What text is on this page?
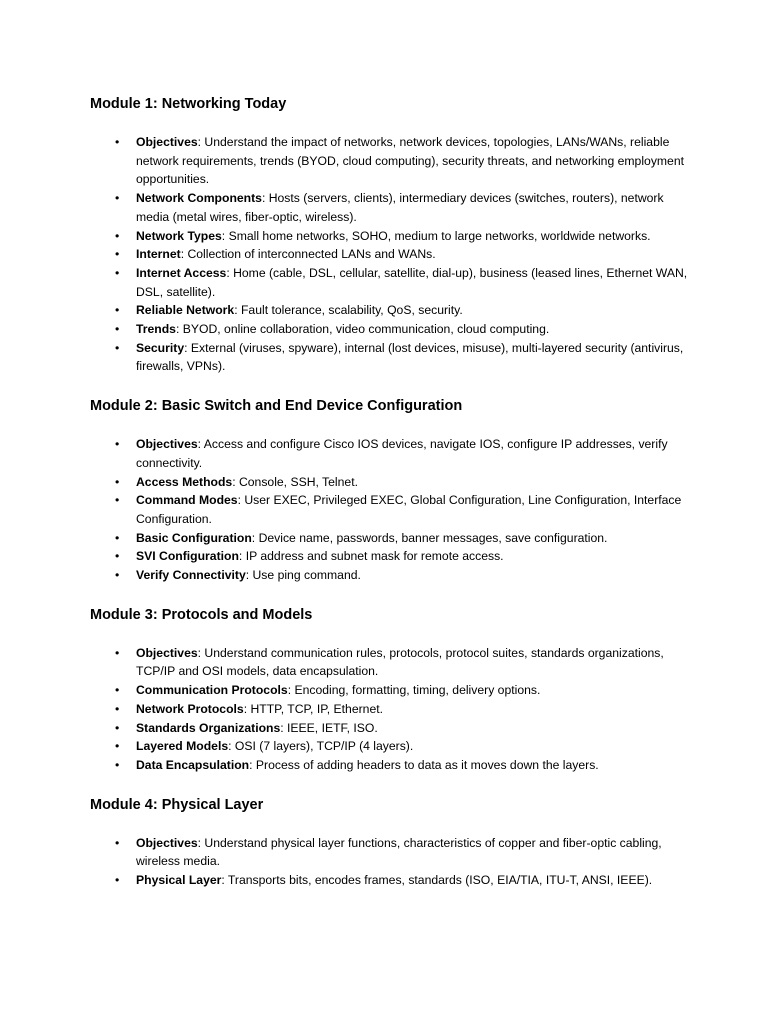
Module 1: Networking Today
• Objectives: Understand the impact of networks, network devices, topologies, LANs/WANs, reliable network requirements, trends (BYOD, cloud computing), security threats, and networking employment opportunities.
• Network Components: Hosts (servers, clients), intermediary devices (switches, routers), network media (metal wires, fiber-optic, wireless).
• Network Types: Small home networks, SOHO, medium to large networks, worldwide networks.
• Internet: Collection of interconnected LANs and WANs.
• Internet Access: Home (cable, DSL, cellular, satellite, dial-up), business (leased lines, Ethernet WAN, DSL, satellite).
• Reliable Network: Fault tolerance, scalability, QoS, security.
• Trends: BYOD, online collaboration, video communication, cloud computing.
• Security: External (viruses, spyware), internal (lost devices, misuse), multi-layered security (antivirus, firewalls, VPNs).
Module 2: Basic Switch and End Device Configuration
• Objectives: Access and configure Cisco IOS devices, navigate IOS, configure IP addresses, verify connectivity.
• Access Methods: Console, SSH, Telnet.
• Command Modes: User EXEC, Privileged EXEC, Global Configuration, Line Configuration, Interface Configuration.
• Basic Configuration: Device name, passwords, banner messages, save configuration.
• SVI Configuration: IP address and subnet mask for remote access.
• Verify Connectivity: Use ping command.
Module 3: Protocols and Models
• Objectives: Understand communication rules, protocols, protocol suites, standards organizations, TCP/IP and OSI models, data encapsulation.
• Communication Protocols: Encoding, formatting, timing, delivery options.
• Network Protocols: HTTP, TCP, IP, Ethernet.
• Standards Organizations: IEEE, IETF, ISO.
• Layered Models: OSI (7 layers), TCP/IP (4 layers).
• Data Encapsulation: Process of adding headers to data as it moves down the layers.
Module 4: Physical Layer
• Objectives: Understand physical layer functions, characteristics of copper and fiber-optic cabling, wireless media.
• Physical Layer: Transports bits, encodes frames, standards (ISO, EIA/TIA, ITU-T, ANSI, IEEE).
